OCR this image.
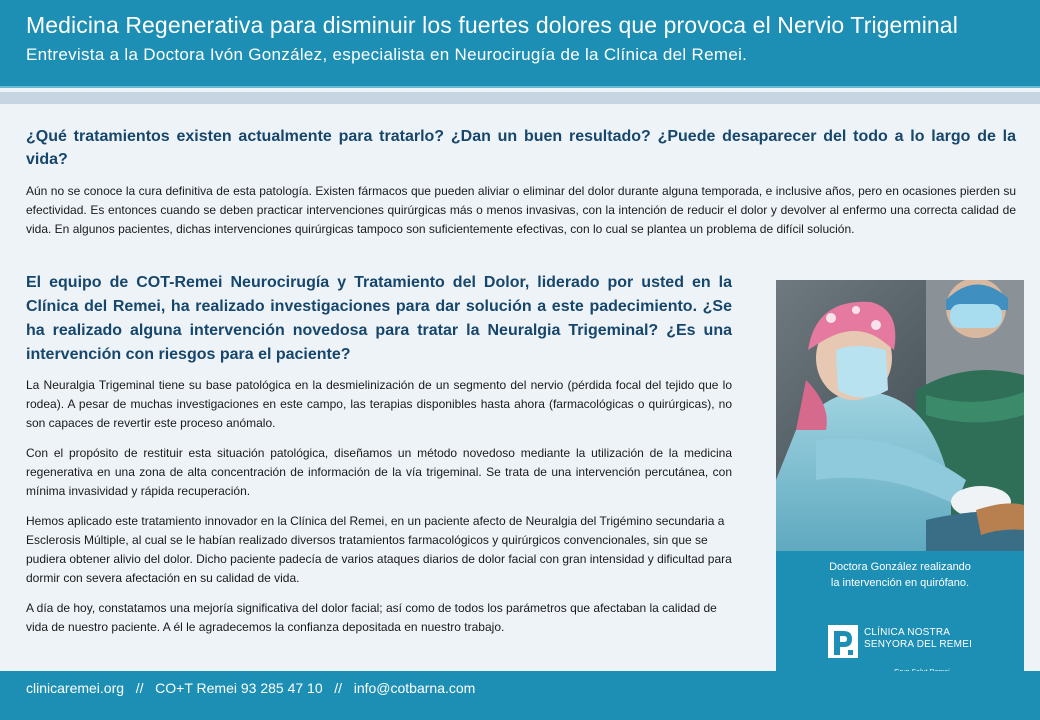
Medicina Regenerativa para disminuir los fuertes dolores que provoca el Nervio Trigeminal
Entrevista a la Doctora Ivón González, especialista en Neurocirugía de la Clínica del Remei.
¿Qué tratamientos existen actualmente para tratarlo? ¿Dan un buen resultado? ¿Puede desaparecer del todo a lo largo de la vida?
Aún no se conoce la cura definitiva de esta patología. Existen fármacos que pueden aliviar o eliminar del dolor durante alguna temporada, e inclusive años, pero en ocasiones pierden su efectividad. Es entonces cuando se deben practicar intervenciones quirúrgicas más o menos invasivas, con la intención de reducir el dolor y devolver al enfermo una correcta calidad de vida. En algunos pacientes, dichas intervenciones quirúrgicas tampoco son suficientemente efectivas, con lo cual se plantea un problema de difícil solución.
El equipo de COT-Remei Neurocirugía y Tratamiento del Dolor, liderado por usted en la Clínica del Remei, ha realizado investigaciones para dar solución a este padecimiento. ¿Se ha realizado alguna intervención novedosa para tratar la Neuralgia Trigeminal? ¿Es una intervención con riesgos para el paciente?
La Neuralgia Trigeminal tiene su base patológica en la desmielinización de un segmento del nervio (pérdida focal del tejido que lo rodea). A pesar de muchas investigaciones en este campo, las terapias disponibles hasta ahora (farmacológicas o quirúrgicas), no son capaces de revertir este proceso anómalo.
Con el propósito de restituir esta situación patológica, diseñamos un método novedoso mediante la utilización de la medicina regenerativa en una zona de alta concentración de información de la vía trigeminal. Se trata de una intervención percutánea, con mínima invasividad y rápida recuperación.
Hemos aplicado este tratamiento innovador en la Clínica del Remei, en un paciente afecto de Neuralgia del Trigémino secundaria a Esclerosis Múltiple, al cual se le habían realizado diversos tratamientos farmacológicos y quirúrgicos convencionales, sin que se pudiera obtener alivio del dolor. Dicho paciente padecía de varios ataques diarios de dolor facial con gran intensidad y dificultad para dormir con severa afectación en su calidad de vida.
A día de hoy, constatamos una mejoría significativa del dolor facial; así como de todos los parámetros que afectaban la calidad de vida de nuestro paciente. A él le agradecemos la confianza depositada en nuestro trabajo.
Doctora González realizando
la intervención en quirófano.
CLÍNICA NOSTRA
SENYORA DEL REMEI
clinicaremei.org   //   CO+T Remei 93 285 47 10   //   info@cotbarna.com
